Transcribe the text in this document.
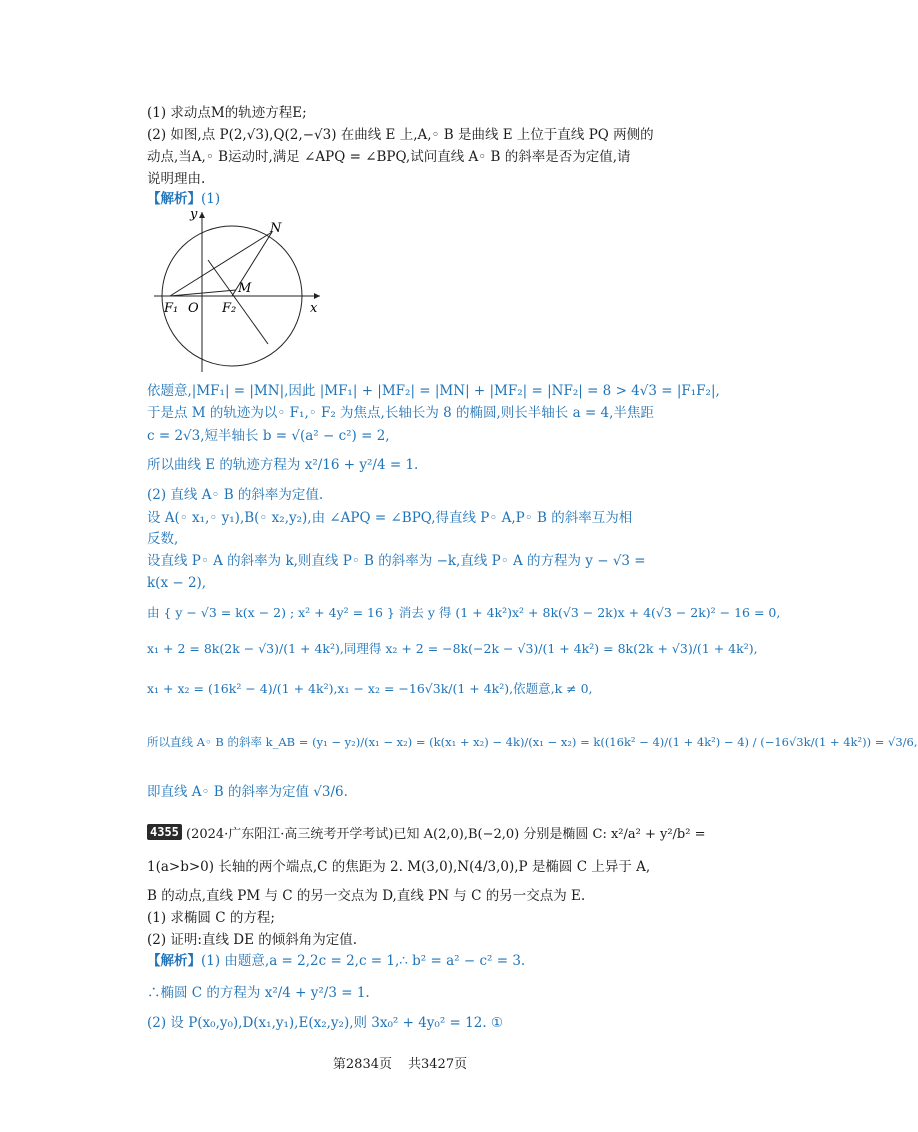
(1) 求动点M的轨迹方程E;
(2) 如图,点 P(2,√3),Q(2,−√3) 在曲线 E 上,A,◦ B 是曲线 E 上位于直线 PQ 两侧的
动点,当A,◦ B运动时,满足 ∠APQ = ∠BPQ,试问直线 A◦ B 的斜率是否为定值,请
说明理由.
【解析】(1)
y
N
M
F₁ O F₂	x
依题意,|MF₁| = |MN|,因此 |MF₁| + |MF₂| = |MN| + |MF₂| = |NF₂| = 8 > 4√3 = |F₁F₂|,
于是点 M 的轨迹为以◦ F₁,◦ F₂ 为焦点,长轴长为 8 的椭圆,则长半轴长 a = 4,半焦距
c = 2√3,短半轴长 b = √(a² − c²) = 2,
所以曲线 E 的轨迹方程为 x²/16 + y²/4 = 1.
(2) 直线 A◦ B 的斜率为定值.
设 A(◦ x₁,◦ y₁),B(◦ x₂,y₂),由 ∠APQ = ∠BPQ,得直线 P◦ A,P◦ B 的斜率互为相
反数,
设直线 P◦ A 的斜率为 k,则直线 P◦ B 的斜率为 −k,直线 P◦ A 的方程为 y − √3 =
k(x − 2),
由 { y − √3 = k(x − 2) ; x² + 4y² = 16 } 消去 y 得 (1 + 4k²)x² + 8k(√3 − 2k)x + 4(√3 − 2k)² − 16 = 0,
x₁ + 2 = 8k(2k − √3)/(1 + 4k²),同理得 x₂ + 2 = −8k(−2k − √3)/(1 + 4k²) = 8k(2k + √3)/(1 + 4k²),
x₁ + x₂ = (16k² − 4)/(1 + 4k²),x₁ − x₂ = −16√3k/(1 + 4k²),依题意,k ≠ 0,
所以直线 A◦ B 的斜率 k_AB = (y₁ − y₂)/(x₁ − x₂) = (k(x₁ + x₂) − 4k)/(x₁ − x₂) = k((16k² − 4)/(1 + 4k²) − 4) / (−16√3k/(1 + 4k²)) = √3/6,
即直线 A◦ B 的斜率为定值 √3/6.
4355 (2024·广东阳江·高三统考开学考试)已知 A(2,0),B(−2,0) 分别是椭圆 C: x²/a² + y²/b² =
1(a>b>0) 长轴的两个端点,C 的焦距为 2. M(3,0),N(4/3,0),P 是椭圆 C 上异于 A,
B 的动点,直线 PM 与 C 的另一交点为 D,直线 PN 与 C 的另一交点为 E.
(1) 求椭圆 C 的方程;
(2) 证明:直线 DE 的倾斜角为定值.
【解析】(1) 由题意,a = 2,2c = 2,c = 1,∴ b² = a² − c² = 3.
∴椭圆 C 的方程为 x²/4 + y²/3 = 1.
(2) 设 P(x₀,y₀),D(x₁,y₁),E(x₂,y₂),则 3x₀² + 4y₀² = 12. ①
第2834页 共3427页
